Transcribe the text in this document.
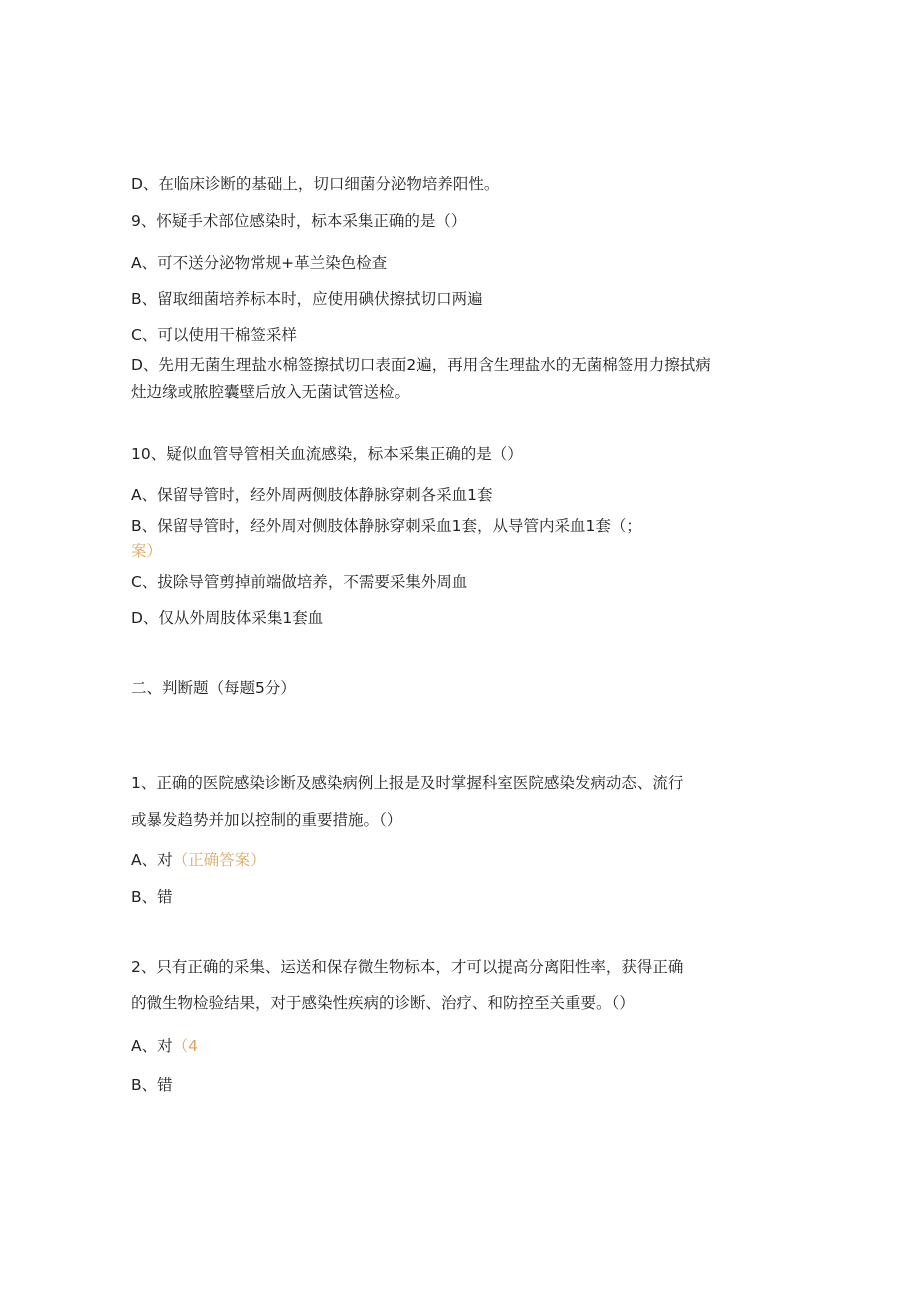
D、在临床诊断的基础上，切口细菌分泌物培养阳性。
9、怀疑手术部位感染时，标本采集正确的是（）
A、可不送分泌物常规+革兰染色检查
B、留取细菌培养标本时，应使用碘伏擦拭切口两遍
C、可以使用干棉签采样
D、先用无菌生理盐水棉签擦拭切口表面2遍，再用含生理盐水的无菌棉签用力擦拭病
灶边缘或脓腔囊壁后放入无菌试管送检。
10、疑似血管导管相关血流感染，标本采集正确的是（）
A、保留导管时，经外周两侧肢体静脉穿刺各采血1套
B、保留导管时，经外周对侧肢体静脉穿刺采血1套，从导管内采血1套（；
案）
C、拔除导管剪掉前端做培养，不需要采集外周血
D、仅从外周肢体采集1套血
二、判断题（每题5分）
1、正确的医院感染诊断及感染病例上报是及时掌握科室医院感染发病动态、流行
或暴发趋势并加以控制的重要措施。（）
A、对（正确答案）
B、错
2、只有正确的采集、运送和保存微生物标本，才可以提高分离阳性率，获得正确
的微生物检验结果，对于感染性疾病的诊断、治疗、和防控至关重要。（）
A、对（4
B、错
